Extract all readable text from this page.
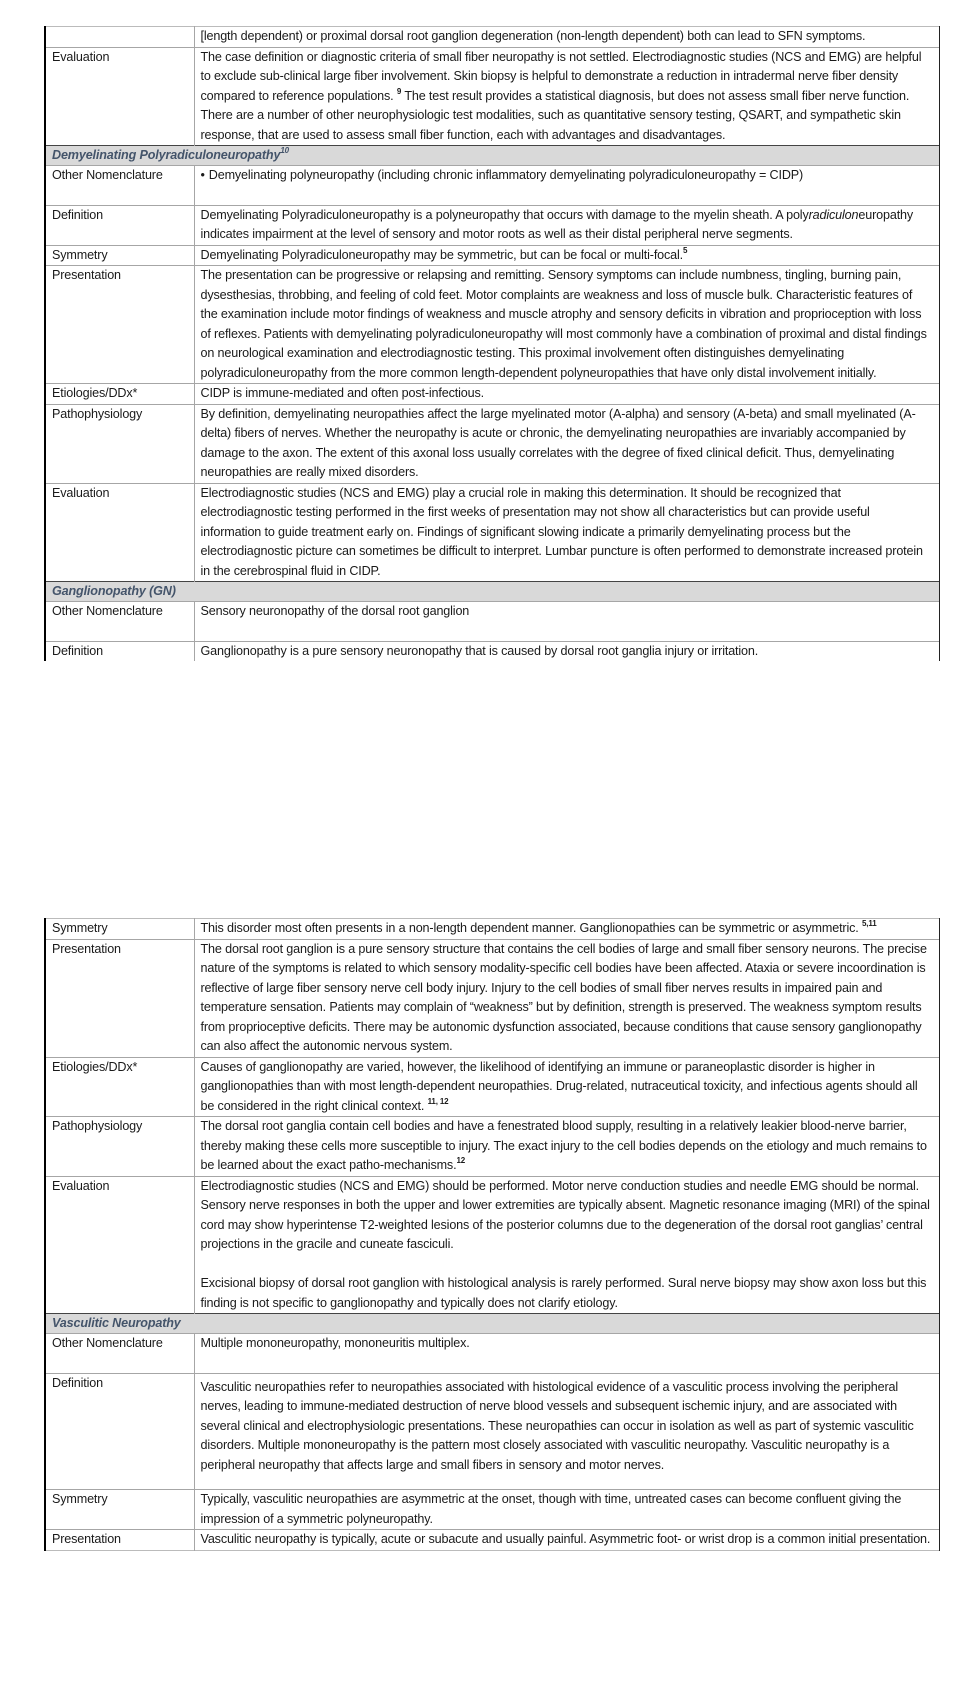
	[length dependent) or proximal dorsal root ganglion degeneration (non-length dependent) both can lead to SFN symptoms.
Evaluation	The case definition or diagnostic criteria of small fiber neuropathy is not settled. Electrodiagnostic studies (NCS and EMG) are helpful to exclude sub-clinical large fiber involvement. Skin biopsy is helpful to demonstrate a reduction in intradermal nerve fiber density compared to reference populations. $^9$ The test result provides a statistical diagnosis, but does not assess small fiber nerve function. There are a number of other neurophysiologic test modalities, such as quantitative sensory testing, QSART, and sympathetic skin response, that are used to assess small fiber function, each with advantages and disadvantages.
Demyelinating Polyradiculoneuropathy$^{10}$
Other Nomenclature	• Demyelinating polyneuropathy (including chronic inflammatory demyelinating polyradiculoneuropathy = CIDP)

Definition	Demyelinating Polyradiculoneuropathy is a polyneuropathy that occurs with damage to the myelin sheath. A polyradiculoneuropathy indicates impairment at the level of sensory and motor roots as well as their distal peripheral nerve segments.
Symmetry	Demyelinating Polyradiculoneuropathy may be symmetric, but can be focal or multi-focal.$^5$
Presentation	The presentation can be progressive or relapsing and remitting. Sensory symptoms can include numbness, tingling, burning pain, dysesthesias, throbbing, and feeling of cold feet. Motor complaints are weakness and loss of muscle bulk. Characteristic features of the examination include motor findings of weakness and muscle atrophy and sensory deficits in vibration and proprioception with loss of reflexes. Patients with demyelinating polyradiculoneuropathy will most commonly have a combination of proximal and distal findings on neurological examination and electrodiagnostic testing. This proximal involvement often distinguishes demyelinating polyradiculoneuropathy from the more common length-dependent polyneuropathies that have only distal involvement initially.
Etiologies/DDx*	CIDP is immune-mediated and often post-infectious.
Pathophysiology	By definition, demyelinating neuropathies affect the large myelinated motor (A-alpha) and sensory (A-beta) and small myelinated (A-delta) fibers of nerves. Whether the neuropathy is acute or chronic, the demyelinating neuropathies are invariably accompanied by damage to the axon. The extent of this axonal loss usually correlates with the degree of fixed clinical deficit. Thus, demyelinating neuropathies are really mixed disorders.
Evaluation	Electrodiagnostic studies (NCS and EMG) play a crucial role in making this determination. It should be recognized that electrodiagnostic testing performed in the first weeks of presentation may not show all characteristics but can provide useful information to guide treatment early on. Findings of significant slowing indicate a primarily demyelinating process but the electrodiagnostic picture can sometimes be difficult to interpret. Lumbar puncture is often performed to demonstrate increased protein in the cerebrospinal fluid in CIDP.
Ganglionopathy (GN)	
Other Nomenclature	Sensory neuronopathy of the dorsal root ganglion

Definition	Ganglionopathy is a pure sensory neuronopathy that is caused by dorsal root ganglia injury or irritation.
Symmetry	This disorder most often presents in a non-length dependent manner. Ganglionopathies can be symmetric or asymmetric. $^{5,11}$
Presentation	The dorsal root ganglion is a pure sensory structure that contains the cell bodies of large and small fiber sensory neurons. The precise nature of the symptoms is related to which sensory modality-specific cell bodies have been affected. Ataxia or severe incoordination is reflective of large fiber sensory nerve cell body injury. Injury to the cell bodies of small fiber nerves results in impaired pain and temperature sensation. Patients may complain of “weakness” but by definition, strength is preserved. The weakness symptom results from proprioceptive deficits. There may be autonomic dysfunction associated, because conditions that cause sensory ganglionopathy can also affect the autonomic nervous system.
Etiologies/DDx*	Causes of ganglionopathy are varied, however, the likelihood of identifying an immune or paraneoplastic disorder is higher in ganglionopathies than with most length-dependent neuropathies. Drug-related, nutraceutical toxicity, and infectious agents should all be considered in the right clinical context. $^{11, 12}$
Pathophysiology	The dorsal root ganglia contain cell bodies and have a fenestrated blood supply, resulting in a relatively leakier blood-nerve barrier, thereby making these cells more susceptible to injury. The exact injury to the cell bodies depends on the etiology and much remains to be learned about the exact patho-mechanisms.$^{12}$
Evaluation	Electrodiagnostic studies (NCS and EMG) should be performed. Motor nerve conduction studies and needle EMG should be normal. Sensory nerve responses in both the upper and lower extremities are typically absent. Magnetic resonance imaging (MRI) of the spinal cord may show hyperintense T2-weighted lesions of the posterior columns due to the degeneration of the dorsal root ganglias’ central projections in the gracile and cuneate fasciculi.
Excisional biopsy of dorsal root ganglion with histological analysis is rarely performed. Sural nerve biopsy may show axon loss but this finding is not specific to ganglionopathy and typically does not clarify etiology.
Vasculitic Neuropathy	
Other Nomenclature	Multiple mononeuropathy, mononeuritis multiplex.

Definition	Vasculitic neuropathies refer to neuropathies associated with histological evidence of a vasculitic process involving the peripheral nerves, leading to immune-mediated destruction of nerve blood vessels and subsequent ischemic injury, and are associated with several clinical and electrophysiologic presentations. These neuropathies can occur in isolation as well as part of systemic vasculitic disorders. Multiple mononeuropathy is the pattern most closely associated with vasculitic neuropathy. Vasculitic neuropathy is a peripheral neuropathy that affects large and small fibers in sensory and motor nerves.
Symmetry	Typically, vasculitic neuropathies are asymmetric at the onset, though with time, untreated cases can become confluent giving the impression of a symmetric polyneuropathy.
Presentation	Vasculitic neuropathy is typically, acute or subacute and usually painful. Asymmetric foot- or wrist drop is a common initial presentation.
